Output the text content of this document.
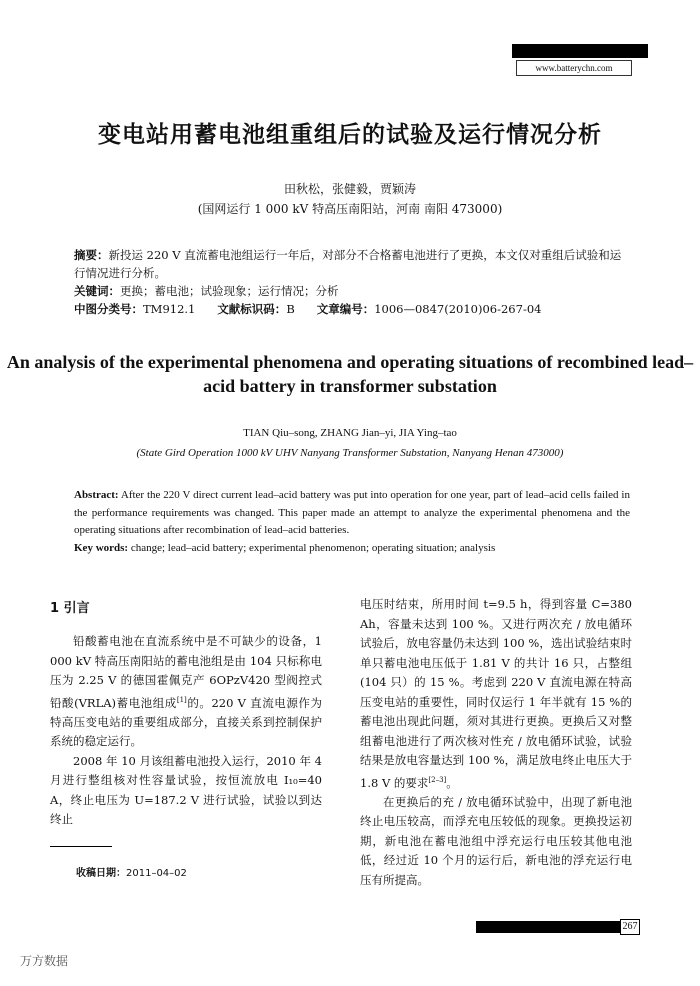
www.batterychn.com
变电站用蓄电池组重组后的试验及运行情况分析
田秋松，张健毅，贾颖涛
(国网运行 1 000 kV 特高压南阳站，河南 南阳 473000)
摘要：新投运 220 V 直流蓄电池组运行一年后，对部分不合格蓄电池进行了更换，本文仅对重组后试验和运行情况进行分析。
关键词：更换；蓄电池；试验现象；运行情况；分析
中图分类号：TM912.1 文献标识码：B 文章编号：1006—0847(2010)06-267-04
An analysis of the experimental phenomena and operating situations of recombined lead–acid battery in transformer substation
TIAN Qiu–song, ZHANG Jian–yi, JIA Ying–tao
(State Gird Operation 1000 kV UHV Nanyang Transformer Substation, Nanyang Henan 473000)
Abstract: After the 220 V direct current lead–acid battery was put into operation for one year, part of lead–acid cells failed in the performance requirements was changed. This paper made an attempt to analyze the experimental phenomena and the operating situations after recombination of lead–acid batteries.
Key words: change; lead–acid battery; experimental phenomenon; operating situation; analysis
1 引言

铅酸蓄电池在直流系统中是不可缺少的设备，1 000 kV 特高压南阳站的蓄电池组是由 104 只标称电压为 2.25 V 的德国霍佩克产 6OPzV420 型阀控式铅酸(VRLA)蓄电池组成[1]的。220 V 直流电源作为特高压变电站的重要组成部分，直接关系到控制保护系统的稳定运行。

2008 年 10 月该组蓄电池投入运行，2010 年 4 月进行整组核对性容量试验，按恒流放电 I₁₀=40 A，终止电压为 U=187.2 V 进行试验，试验以到达终止

电压时结束，所用时间 t=9.5 h，得到容量 C=380 Ah，容量未达到 100 %。又进行两次充 / 放电循环试验后，放电容量仍未达到 100 %，选出试验结束时单只蓄电池电压低于 1.81 V 的共计 16 只，占整组(104 只）的 15 %。考虑到 220 V 直流电源在特高压变电站的重要性，同时仅运行 1 年半就有 15 %的蓄电池出现此问题，须对其进行更换。更换后又对整组蓄电池进行了两次核对性充 / 放电循环试验，试验结果是放电容量达到 100 %，满足放电终止电压大于 1.8 V 的要求[2–3]。

在更换后的充 / 放电循环试验中，出现了新电池终止电压较高，而浮充电压较低的现象。更换投运初期，新电池在蓄电池组中浮充运行电压较其他电池低，经过近 10 个月的运行后，新电池的浮充运行电压有所提高。

收稿日期：2011–04–02
267
万方数据
